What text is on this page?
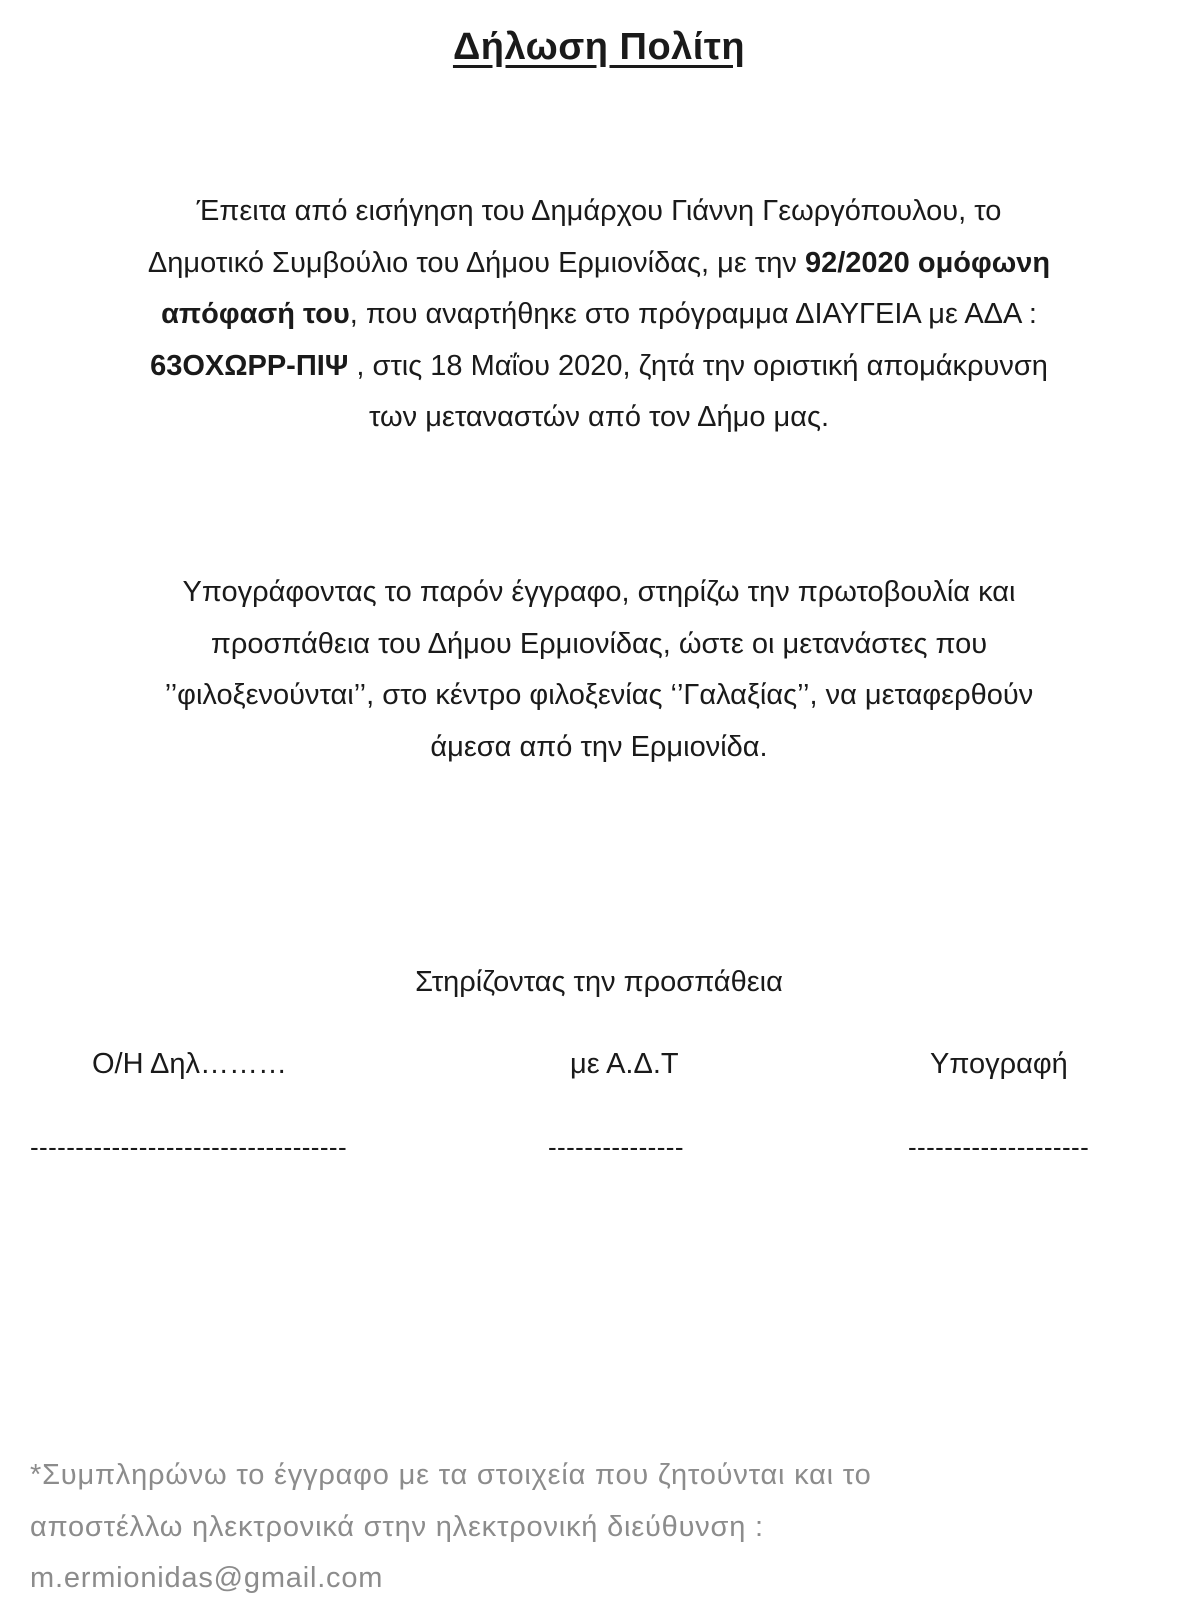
Δήλωση Πολίτη
Έπειτα από εισήγηση του Δημάρχου Γιάννη Γεωργόπουλου, το
Δημοτικό Συμβούλιο του Δήμου Ερμιονίδας, με την 92/2020 ομόφωνη
απόφασή του, που αναρτήθηκε στο πρόγραμμα ΔΙΑΥΓΕΙΑ με ΑΔΑ :
63ΟΧΩΡΡ-ΠΙΨ , στις 18 Μαΐου 2020, ζητά την οριστική απομάκρυνση
των μεταναστών από τον Δήμο μας.
Υπογράφοντας το παρόν έγγραφο, στηρίζω την πρωτοβουλία και
προσπάθεια του Δήμου Ερμιονίδας, ώστε οι μετανάστες που
’’φιλοξενούνται’’, στο κέντρο φιλοξενίας ‘’Γαλαξίας’’, να μεταφερθούν
άμεσα από την Ερμιονίδα.
Στηρίζοντας την προσπάθεια
Ο/Η Δηλ………	με Α.Δ.Τ	Υπογραφή
-----------------------------------	---------------	--------------------
*Συμπληρώνω το έγγραφο με τα στοιχεία που ζητούνται και το
αποστέλλω ηλεκτρονικά στην ηλεκτρονική διεύθυνση :
m.ermionidas@gmail.com
